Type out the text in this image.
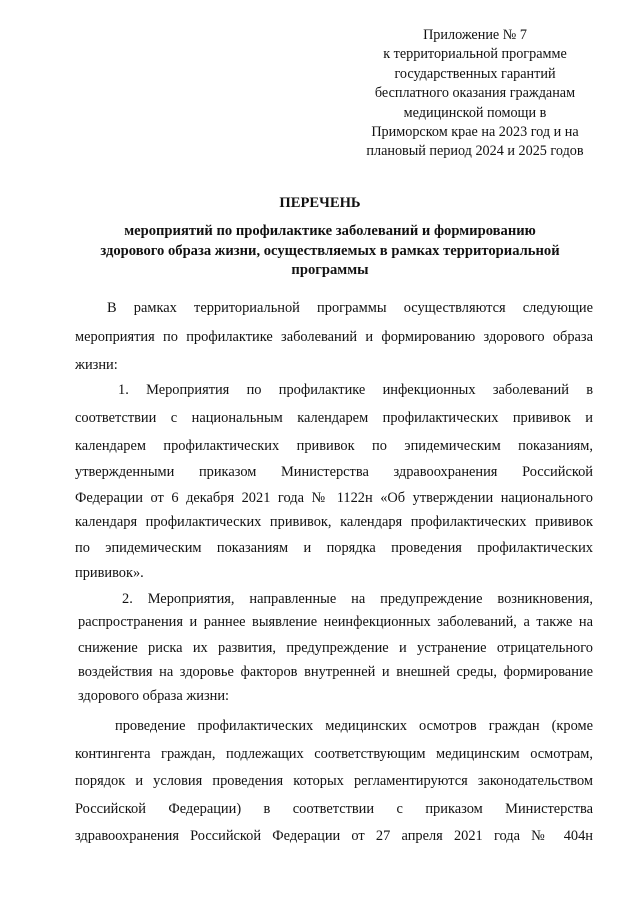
Приложение № 7
к территориальной программе
государственных гарантий
бесплатного оказания гражданам
медицинской помощи в
Приморском крае на 2023 год и на
плановый период 2024 и 2025 годов
ПЕРЕЧЕНЬ
мероприятий по профилактике заболеваний и формированию
здорового образа жизни, осуществляемых в рамках территориальной
программы
В рамках территориальной программы осуществляются следующие
мероприятия по профилактике заболеваний и формированию здорового образа
жизни:
1. Мероприятия по профилактике инфекционных заболеваний в
соответствии с национальным календарем профилактических прививок и
календарем профилактических прививок по эпидемическим показаниям,
утвержденными приказом Министерства здравоохранения Российской
Федерации от 6 декабря 2021 года № 1122н «Об утверждении национального
календаря профилактических прививок, календаря профилактических прививок
по эпидемическим показаниям и порядка проведения профилактических
прививок».
2. Мероприятия, направленные на предупреждение возникновения,
распространения и раннее выявление неинфекционных заболеваний, а также на
снижение риска их развития, предупреждение и устранение отрицательного
воздействия на здоровье факторов внутренней и внешней среды, формирование
здорового образа жизни:
проведение профилактических медицинских осмотров граждан (кроме
контингента граждан, подлежащих соответствующим медицинским осмотрам,
порядок и условия проведения которых регламентируются законодательством
Российской Федерации) в соответствии с приказом Министерства
здравоохранения Российской Федерации от 27 апреля 2021 года № 404н
